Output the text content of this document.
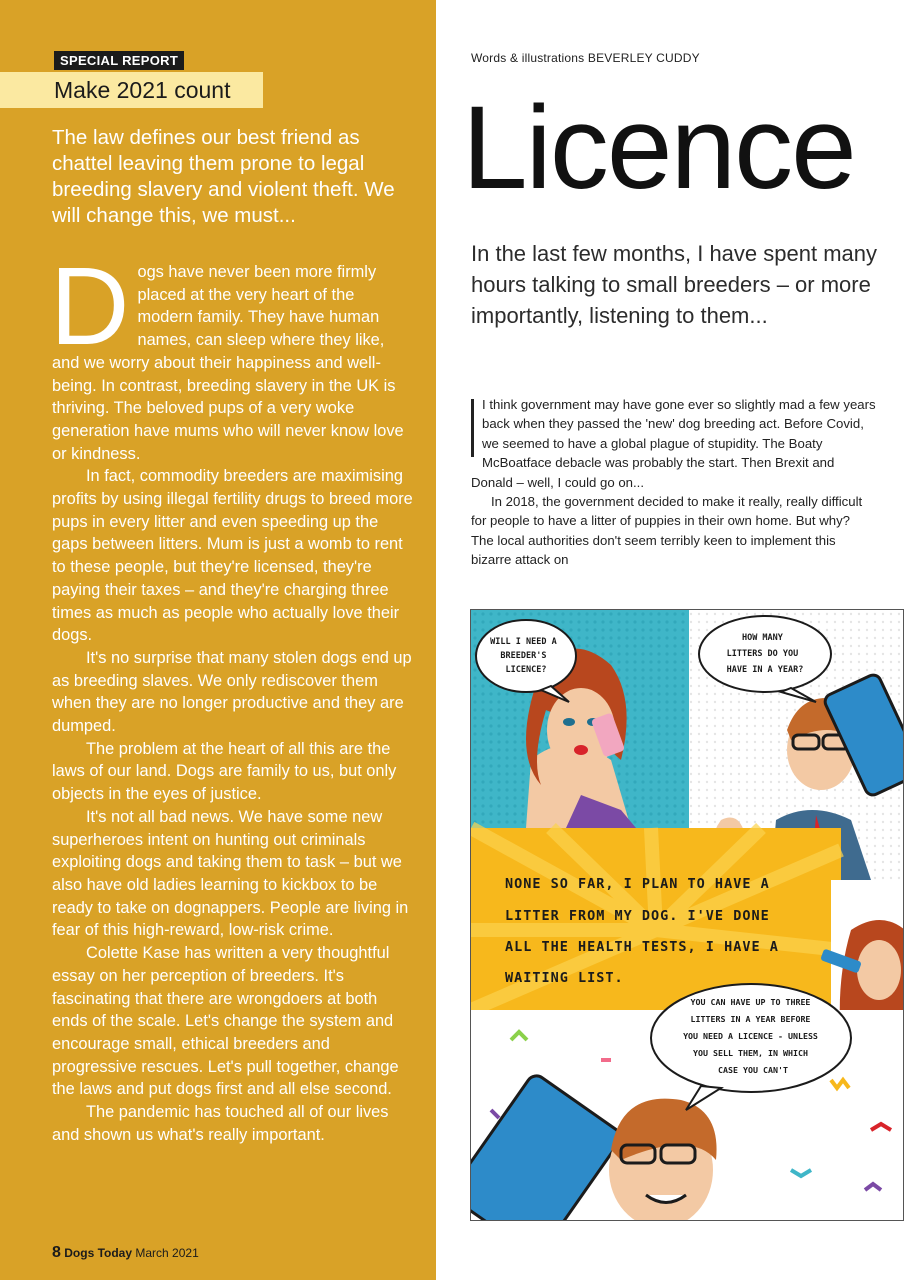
SPECIAL REPORT
Make 2021 count
The law defines our best friend as chattel leaving them prone to legal breeding slavery and violent theft. We will change this, we must...

Dogs have never been more firmly placed at the very heart of the modern family. They have human names, can sleep where they like, and we worry about their happiness and well-being. In contrast, breeding slavery in the UK is thriving. The beloved pups of a very woke generation have mums who will never know love or kindness.

In fact, commodity breeders are maximising profits by using illegal fertility drugs to breed more pups in every litter and even speeding up the gaps between litters. Mum is just a womb to rent to these people, but they're licensed, they're paying their taxes – and they're charging three times as much as people who actually love their dogs.

It's no surprise that many stolen dogs end up as breeding slaves. We only rediscover them when they are no longer productive and they are dumped.

The problem at the heart of all this are the laws of our land. Dogs are family to us, but only objects in the eyes of justice.

It's not all bad news. We have some new superheroes intent on hunting out criminals exploiting dogs and taking them to task – but we also have old ladies learning to kickbox to be ready to take on dognappers. People are living in fear of this high-reward, low-risk crime.

Colette Kase has written a very thoughtful essay on her perception of breeders. It's fascinating that there are wrongdoers at both ends of the scale. Let's change the system and encourage small, ethical breeders and progressive rescues. Let's pull together, change the laws and put dogs first and all else second.

The pandemic has touched all of our lives and shown us what's really important.

8 Dogs Today March 2021
Words & illustrations BEVERLEY CUDDY
Licence
In the last few months, I have spent many hours talking to small breeders – or more importantly, listening to them...

I think government may have gone ever so slightly mad a few years back when they passed the 'new' dog breeding act. Before Covid, we seemed to have a global plague of stupidity. The Boaty McBoatface debacle was probably the start. Then Brexit and Donald – well, I could go on...

In 2018, the government decided to make it really, really difficult for people to have a litter of puppies in their own home. But why? The local authorities don't seem terribly keen to implement this bizarre attack on

WILL I NEED A BREEDER'S LICENCE?
HOW MANY LITTERS DO YOU HAVE IN A YEAR?
NONE SO FAR, I PLAN TO HAVE A LITTER FROM MY DOG. I'VE DONE ALL THE HEALTH TESTS, I HAVE A WAITING LIST.
YOU CAN HAVE UP TO THREE LITTERS IN A YEAR BEFORE YOU NEED A LICENCE - UNLESS YOU SELL THEM, IN WHICH CASE YOU CAN'T
